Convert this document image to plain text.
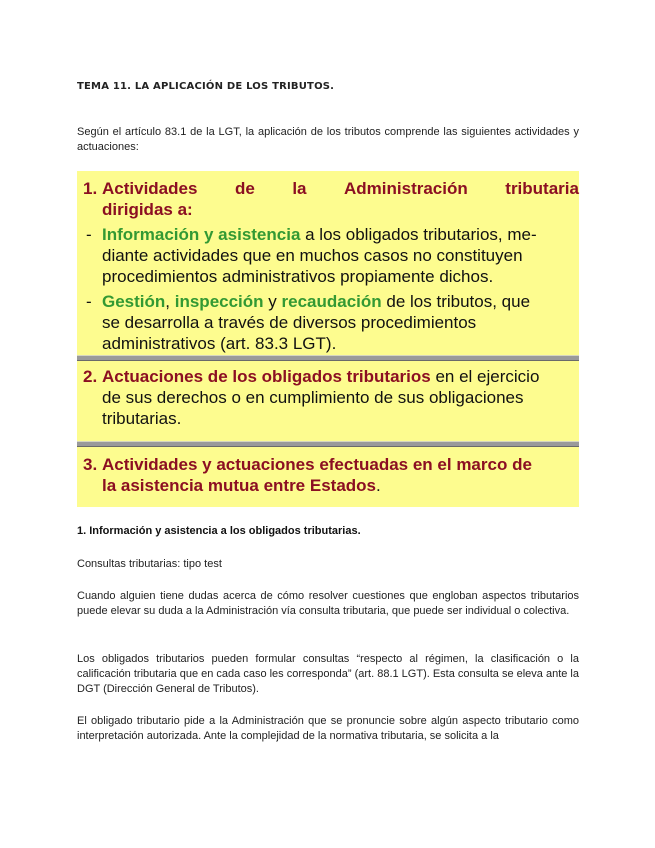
TEMA 11. LA APLICACIÓN DE LOS TRIBUTOS.
Según el artículo 83.1 de la LGT, la aplicación de los tributos comprende las siguientes actividades y actuaciones:
1. Actividades de la Administración tributaria
dirigidas a:
- Información y asistencia a los obligados tributarios, me-
diante actividades que en muchos casos no constituyen
procedimientos administrativos propiamente dichos.
- Gestión, inspección y recaudación de los tributos, que
se desarrolla a través de diversos procedimientos
administrativos (art. 83.3 LGT).
2. Actuaciones de los obligados tributarios en el ejercicio
de sus derechos o en cumplimiento de sus obligaciones
tributarias.
3. Actividades y actuaciones efectuadas en el marco de
la asistencia mutua entre Estados.
1. Información y asistencia a los obligados tributarias.
Consultas tributarias: tipo test
Cuando alguien tiene dudas acerca de cómo resolver cuestiones que engloban aspectos tributarios puede elevar su duda a la Administración vía consulta tributaria, que puede ser individual o colectiva.
Los obligados tributarios pueden formular consultas “respecto al régimen, la clasificación o la calificación tributaria que en cada caso les corresponda” (art. 88.1 LGT). Esta consulta se eleva ante la DGT (Dirección General de Tributos).
El obligado tributario pide a la Administración que se pronuncie sobre algún aspecto tributario como interpretación autorizada. Ante la complejidad de la normativa tributaria, se solicita a la
